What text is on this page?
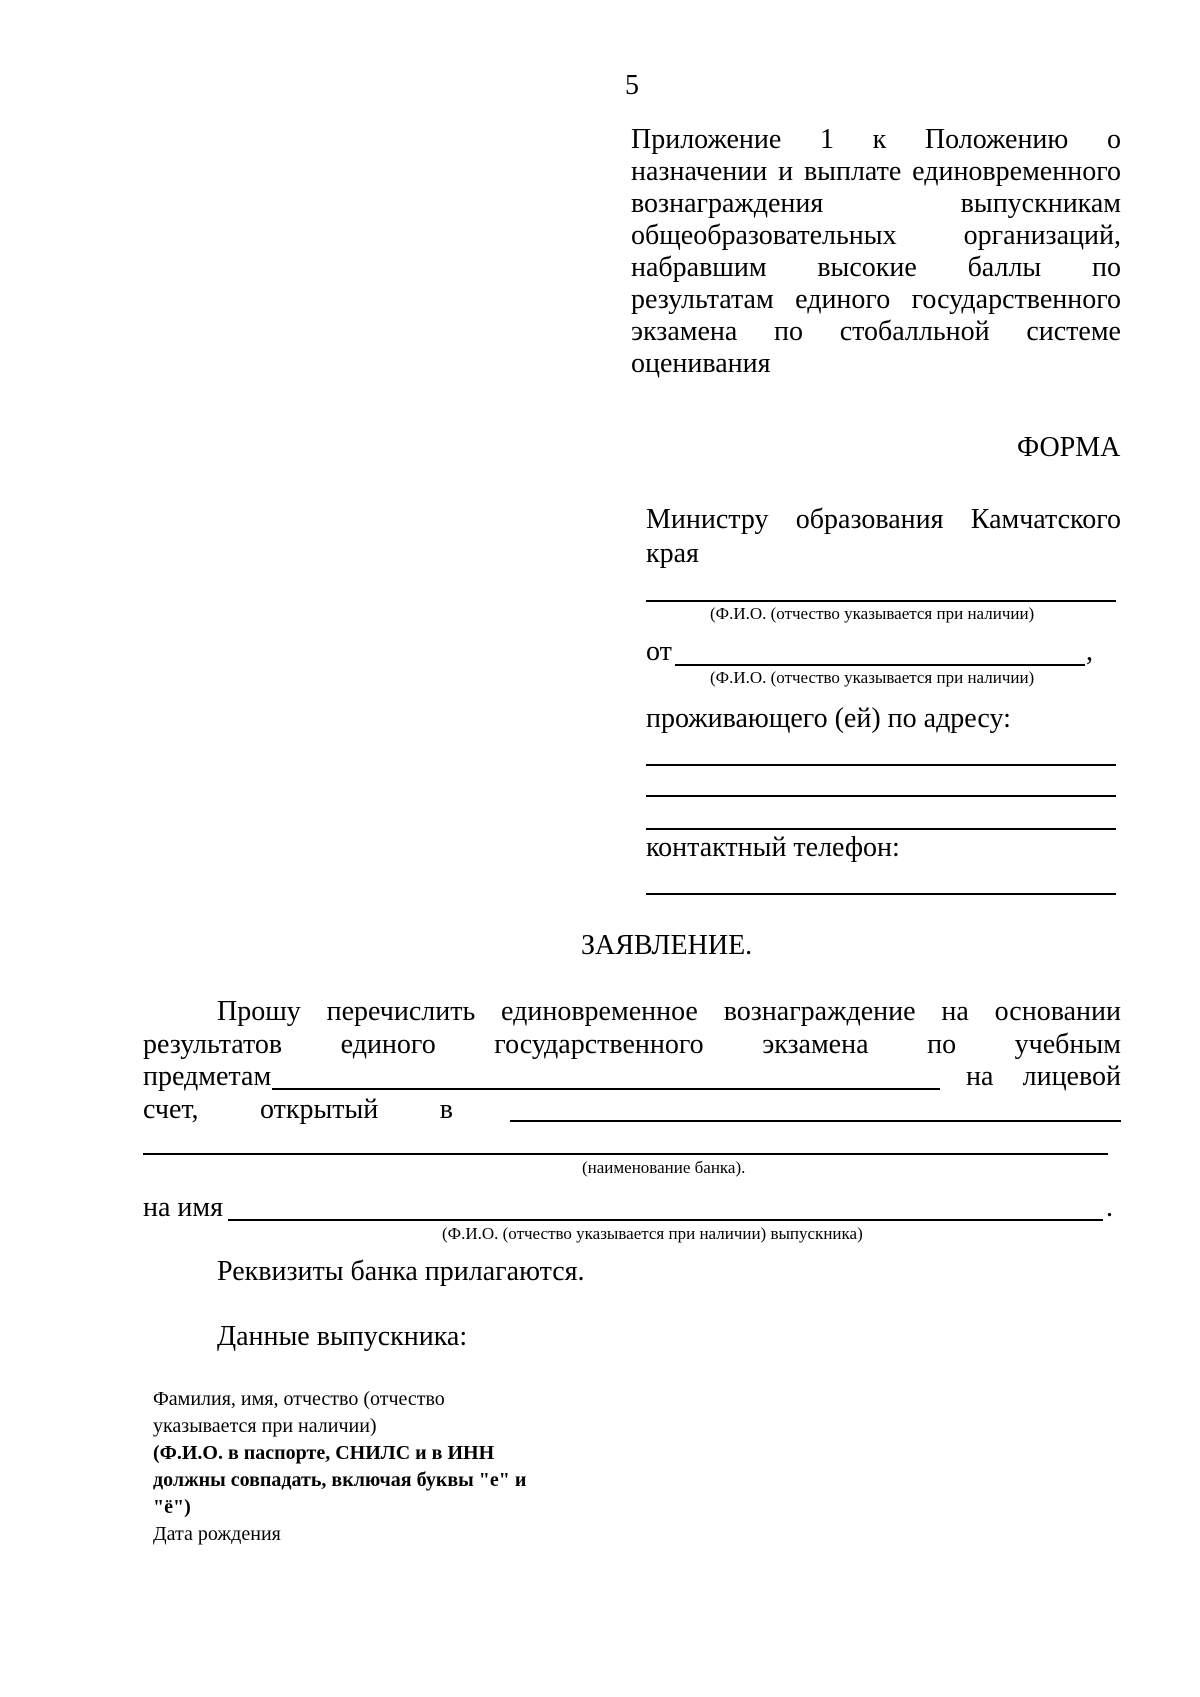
5
Приложение 1 к Положению о
назначении и выплате единовременного
вознаграждения	выпускникам
общеобразовательных организаций,
набравшим высокие баллы по
результатам единого государственного
экзамена по стобалльной системе
оценивания
ФОРМА
Министру образования Камчатского
края
(Ф.И.О. (отчество указывается при наличии)
от	,
(Ф.И.О. (отчество указывается при наличии)
проживающего (ей) по адресу:
контактный телефон:
ЗАЯВЛЕНИЕ.
Прошу перечислить единовременное вознаграждение на основании
результатов единого государственного экзамена по учебным
предметам	на лицевой
счет, открытый в
(наименование банка).
на имя	.
(Ф.И.О. (отчество указывается при наличии) выпускника)
Реквизиты банка прилагаются.
Данные выпускника:
Фамилия, имя, отчество (отчество
указывается при наличии)
(Ф.И.О. в паспорте, СНИЛС и в ИНН
должны совпадать, включая буквы "е" и
"ё")
Дата рождения
